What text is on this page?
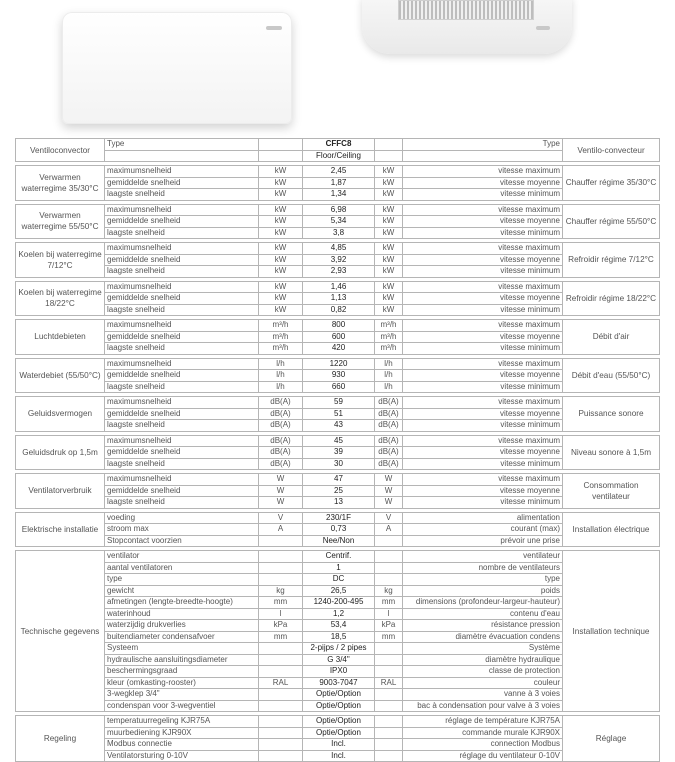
Ventiloconvector	Type		CFFC8		Type	Ventilo-convecteur
			Floor/Ceiling			

Verwarmen waterregime 35/30°C	maximumsnelheid	kW	2,45	kW	vitesse maximum	Chauffer régime 35/30°C
	gemiddelde snelheid	kW	1,87	kW	vitesse moyenne	
	laagste snelheid	kW	1,34	kW	vitesse minimum	

Verwarmen waterregime 55/50°C	maximumsnelheid	kW	6,98	kW	vitesse maximum	Chauffer régime 55/50°C
	gemiddelde snelheid	kW	5,34	kW	vitesse moyenne	
	laagste snelheid	kW	3,8	kW	vitesse minimum	

Koelen bij waterregime 7/12°C	maximumsnelheid	kW	4,85	kW	vitesse maximum	Refroidir régime 7/12°C
	gemiddelde snelheid	kW	3,92	kW	vitesse moyenne	
	laagste snelheid	kW	2,93	kW	vitesse minimum	

Koelen bij waterregime 18/22°C	maximumsnelheid	kW	1,46	kW	vitesse maximum	Refroidir régime 18/22°C
	gemiddelde snelheid	kW	1,13	kW	vitesse moyenne	
	laagste snelheid	kW	0,82	kW	vitesse minimum	

Luchtdebieten	maximumsnelheid	m³/h	800	m³/h	vitesse maximum	Débit d'air
	gemiddelde snelheid	m³/h	600	m³/h	vitesse moyenne	
	laagste snelheid	m³/h	420	m³/h	vitesse minimum	

Waterdebiet (55/50°C)	maximumsnelheid	l/h	1220	l/h	vitesse maximum	Débit d'eau (55/50°C)
	gemiddelde snelheid	l/h	930	l/h	vitesse moyenne	
	laagste snelheid	l/h	660	l/h	vitesse minimum	

Geluidsvermogen	maximumsnelheid	dB(A)	59	dB(A)	vitesse maximum	Puissance sonore
	gemiddelde snelheid	dB(A)	51	dB(A)	vitesse moyenne	
	laagste snelheid	dB(A)	43	dB(A)	vitesse minimum	

Geluidsdruk op 1,5m	maximumsnelheid	dB(A)	45	dB(A)	vitesse maximum	Niveau sonore à 1,5m
	gemiddelde snelheid	dB(A)	39	dB(A)	vitesse moyenne	
	laagste snelheid	dB(A)	30	dB(A)	vitesse minimum	

Ventilatorverbruik	maximumsnelheid	W	47	W	vitesse maximum	Consommation ventilateur
	gemiddelde snelheid	W	25	W	vitesse moyenne	
	laagste snelheid	W	13	W	vitesse minimum	

Elektrische installatie	voeding	V	230/1F	V	alimentation	Installation électrique
	stroom max	A	0,73	A	courant (max)	
	Stopcontact voorzien		Nee/Non		prévoir une prise	

Technische gegevens	ventilator		Centrif.		ventilateur	Installation technique
	aantal ventilatoren		1		nombre de ventilateurs	
	type		DC		type	
	gewicht	kg	26,5	kg	poids	
	afmetingen (lengte-breedte-hoogte)	mm	1240-200-495	mm	dimensions (profondeur-largeur-hauteur)	
	waterinhoud	l	1,2	l	contenu d'eau	
	waterzijdig drukverlies	kPa	53,4	kPa	résistance pression	
	buitendiameter condensafvoer	mm	18,5	mm	diamètre évacuation condens	
	Systeem		2-pijps / 2 pipes		Système	
	hydraulische aansluitingsdiameter		G 3/4"		diamètre hydraulique	
	beschermingsgraad		IPX0		classe de protection	
	kleur (omkasting-rooster)	RAL	9003-7047	RAL	couleur	
	3-wegklep 3/4"		Optie/Option		vanne à 3 voies	
	condenspan voor 3-wegventiel		Optie/Option		bac à condensation pour valve à 3 voies	

Regeling	temperatuurregeling KJR75A		Optie/Option		réglage de température KJR75A	Réglage
	muurbediening KJR90X		Optie/Option		commande murale KJR90X	
	Modbus connectie		Incl.		connection Modbus	
	Ventilatorsturing 0-10V		Incl.		réglage du ventilateur 0-10V	
